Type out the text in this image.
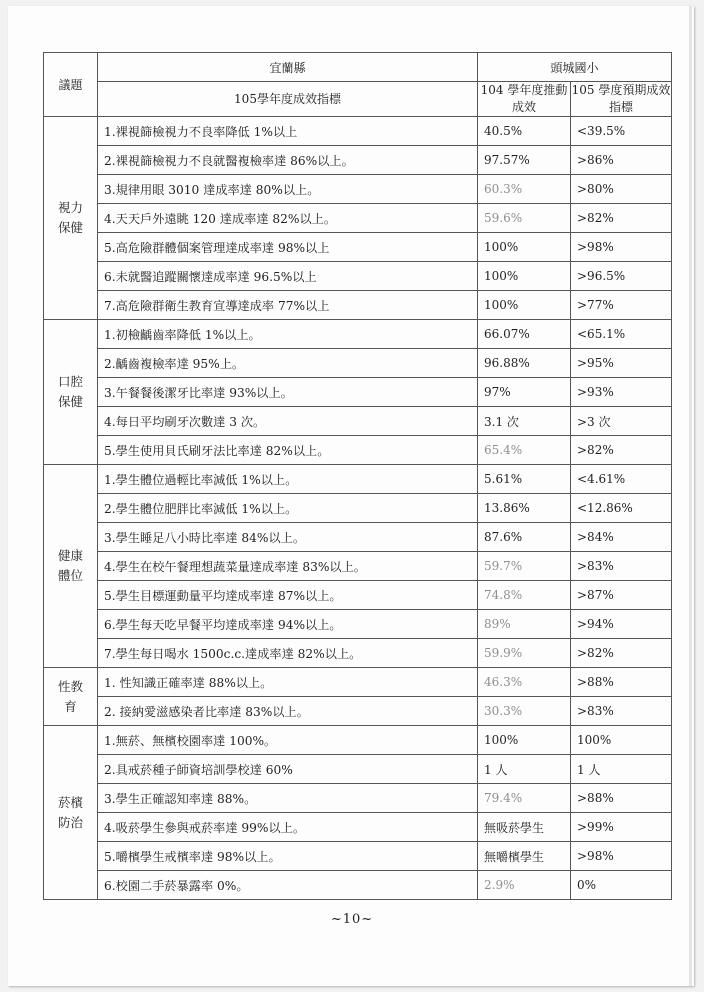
議題	宜蘭縣	頭城國小	
	105學年度成效指標	104 學年度推動成效	105 學度預期成效指標
視力保健	1.裸視篩檢視力不良率降低 1%以上	40.5%	<39.5%
	2.裸視篩檢視力不良就醫複檢率達 86%以上。	97.57%	>86%
	3.規律用眼 3010 達成率達 80%以上。	60.3%	>80%
	4.天天戶外遠眺 120 達成率達 82%以上。	59.6%	>82%
	5.高危險群體個案管理達成率達 98%以上	100%	>98%
	6.未就醫追蹤關懷達成率達 96.5%以上	100%	>96.5%
	7.高危險群衛生教育宣導達成率 77%以上	100%	>77%
口腔保健	1.初檢齲齒率降低 1%以上。	66.07%	<65.1%
	2.齲齒複檢率達 95%上。	96.88%	>95%
	3.午餐餐後潔牙比率達 93%以上。	97%	>93%
	4.每日平均刷牙次數達 3 次。	3.1 次	>3 次
	5.學生使用貝氏刷牙法比率達 82%以上。	65.4%	>82%
健康體位	1.學生體位過輕比率減低 1%以上。	5.61%	<4.61%
	2.學生體位肥胖比率減低 1%以上。	13.86%	<12.86%
	3.學生睡足八小時比率達 84%以上。	87.6%	>84%
	4.學生在校午餐理想蔬菜量達成率達 83%以上。	59.7%	>83%
	5.學生目標運動量平均達成率達 87%以上。	74.8%	>87%
	6.學生每天吃早餐平均達成率達 94%以上。	89%	>94%
	7.學生每日喝水 1500c.c.達成率達 82%以上。	59.9%	>82%
性教育	1. 性知識正確率達 88%以上。	46.3%	>88%
	2. 接納愛滋感染者比率達 83%以上。	30.3%	>83%
菸檳防治	1.無菸、無檳校園率達 100%。	100%	100%
	2.具戒菸種子師資培訓學校達 60%	1 人	1 人
	3.學生正確認知率達 88%。	79.4%	>88%
	4.吸菸學生參與戒菸率達 99%以上。	無吸菸學生	>99%
	5.嚼檳學生戒檳率達 98%以上。	無嚼檳學生	>98%
	6.校園二手菸暴露率 0%。	2.9%	0%
~10~
